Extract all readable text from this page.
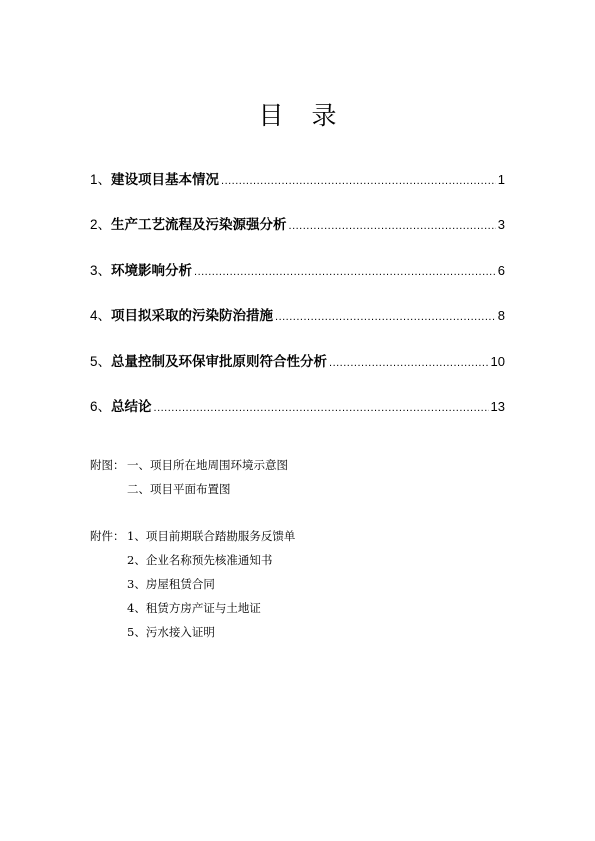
目 录
1、 建设项目基本情况 .....	1
2、 生产工艺流程及污染源强分析 .....	3
3、 环境影响分析 .....	6
4、 项目拟采取的污染防治措施 .....	8
5、 总量控制及环保审批原则符合性分析 .....	10
6、 总结论 .....	13
附图： 一、项目所在地周围环境示意图
二、项目平面布置图
附件： 1、项目前期联合踏勘服务反馈单
2、企业名称预先核准通知书
3、房屋租赁合同
4、租赁方房产证与土地证
5、污水接入证明
